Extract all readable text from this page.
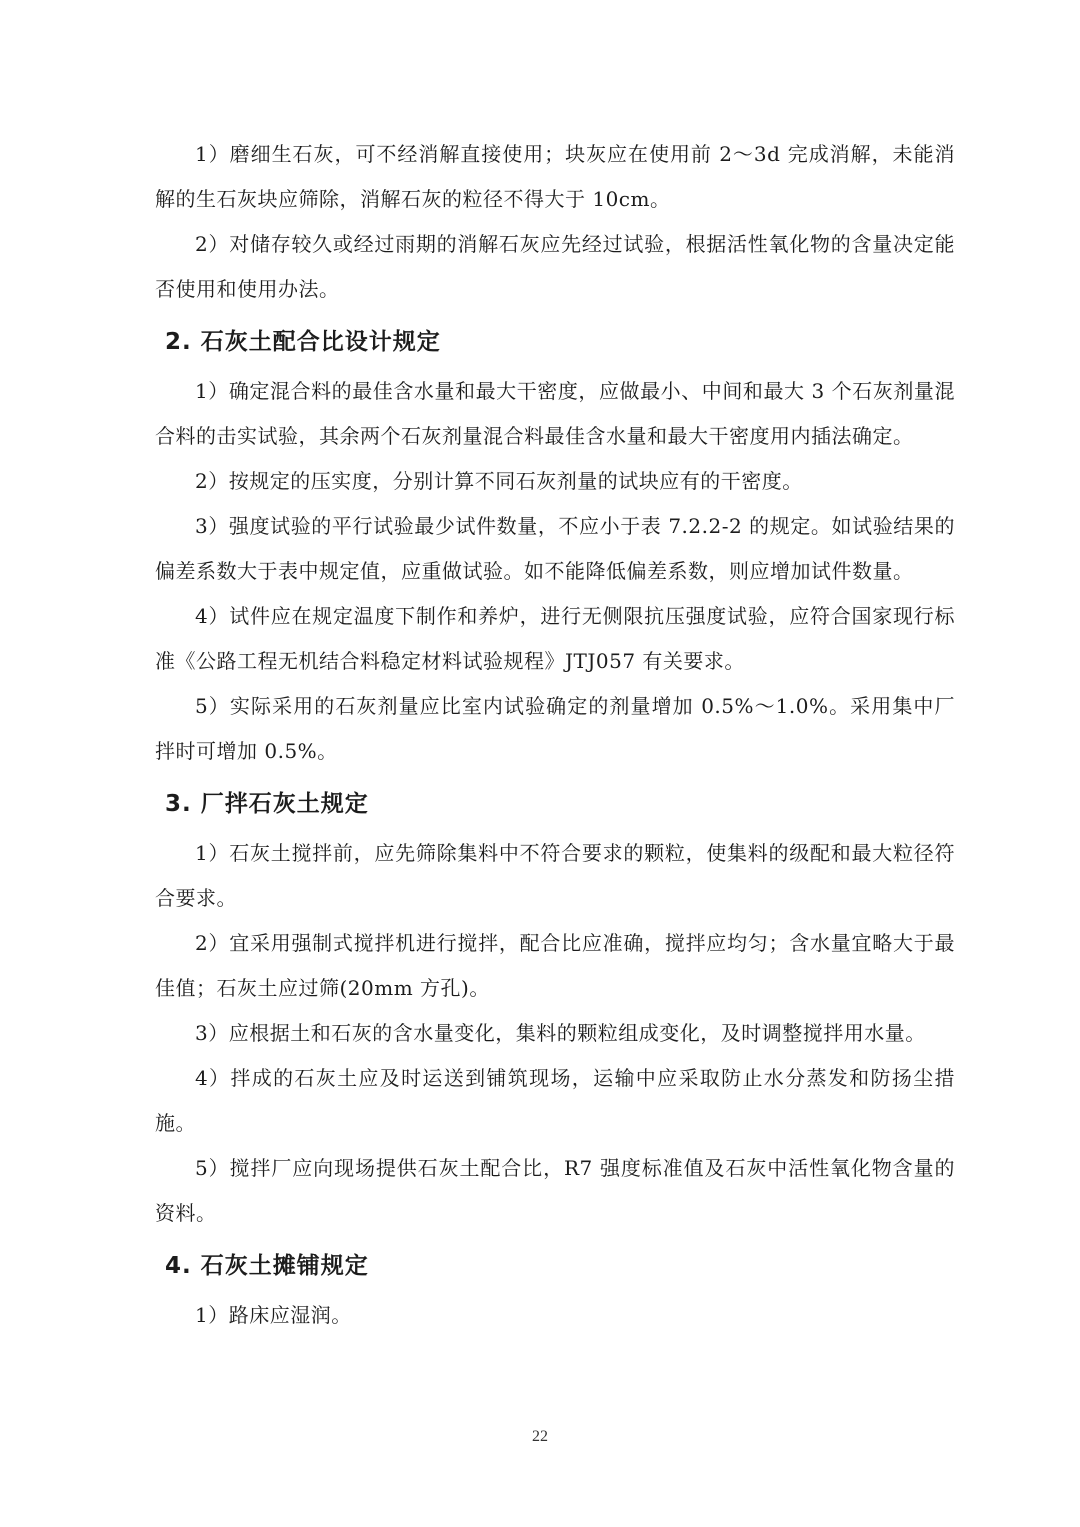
1）磨细生石灰，可不经消解直接使用；块灰应在使用前 2～3d 完成消解，未能消解的生石灰块应筛除，消解石灰的粒径不得大于 10cm。

2）对储存较久或经过雨期的消解石灰应先经过试验，根据活性氧化物的含量决定能否使用和使用办法。

2. 石灰土配合比设计规定

1）确定混合料的最佳含水量和最大干密度，应做最小、中间和最大 3 个石灰剂量混合料的击实试验，其余两个石灰剂量混合料最佳含水量和最大干密度用内插法确定。

2）按规定的压实度，分别计算不同石灰剂量的试块应有的干密度。

3）强度试验的平行试验最少试件数量，不应小于表 7.2.2-2 的规定。如试验结果的偏差系数大于表中规定值，应重做试验。如不能降低偏差系数，则应增加试件数量。

4）试件应在规定温度下制作和养炉，进行无侧限抗压强度试验，应符合国家现行标准《公路工程无机结合料稳定材料试验规程》JTJ057 有关要求。

5）实际采用的石灰剂量应比室内试验确定的剂量增加 0.5%～1.0%。采用集中厂拌时可增加 0.5%。

3. 厂拌石灰土规定

1）石灰土搅拌前，应先筛除集料中不符合要求的颗粒，使集料的级配和最大粒径符合要求。

2）宜采用强制式搅拌机进行搅拌，配合比应准确，搅拌应均匀；含水量宜略大于最佳值；石灰土应过筛(20mm 方孔)。

3）应根据土和石灰的含水量变化，集料的颗粒组成变化，及时调整搅拌用水量。

4）拌成的石灰土应及时运送到铺筑现场，运输中应采取防止水分蒸发和防扬尘措施。

5）搅拌厂应向现场提供石灰土配合比，R7 强度标准值及石灰中活性氧化物含量的资料。

4. 石灰土摊铺规定

1）路床应湿润。

22
